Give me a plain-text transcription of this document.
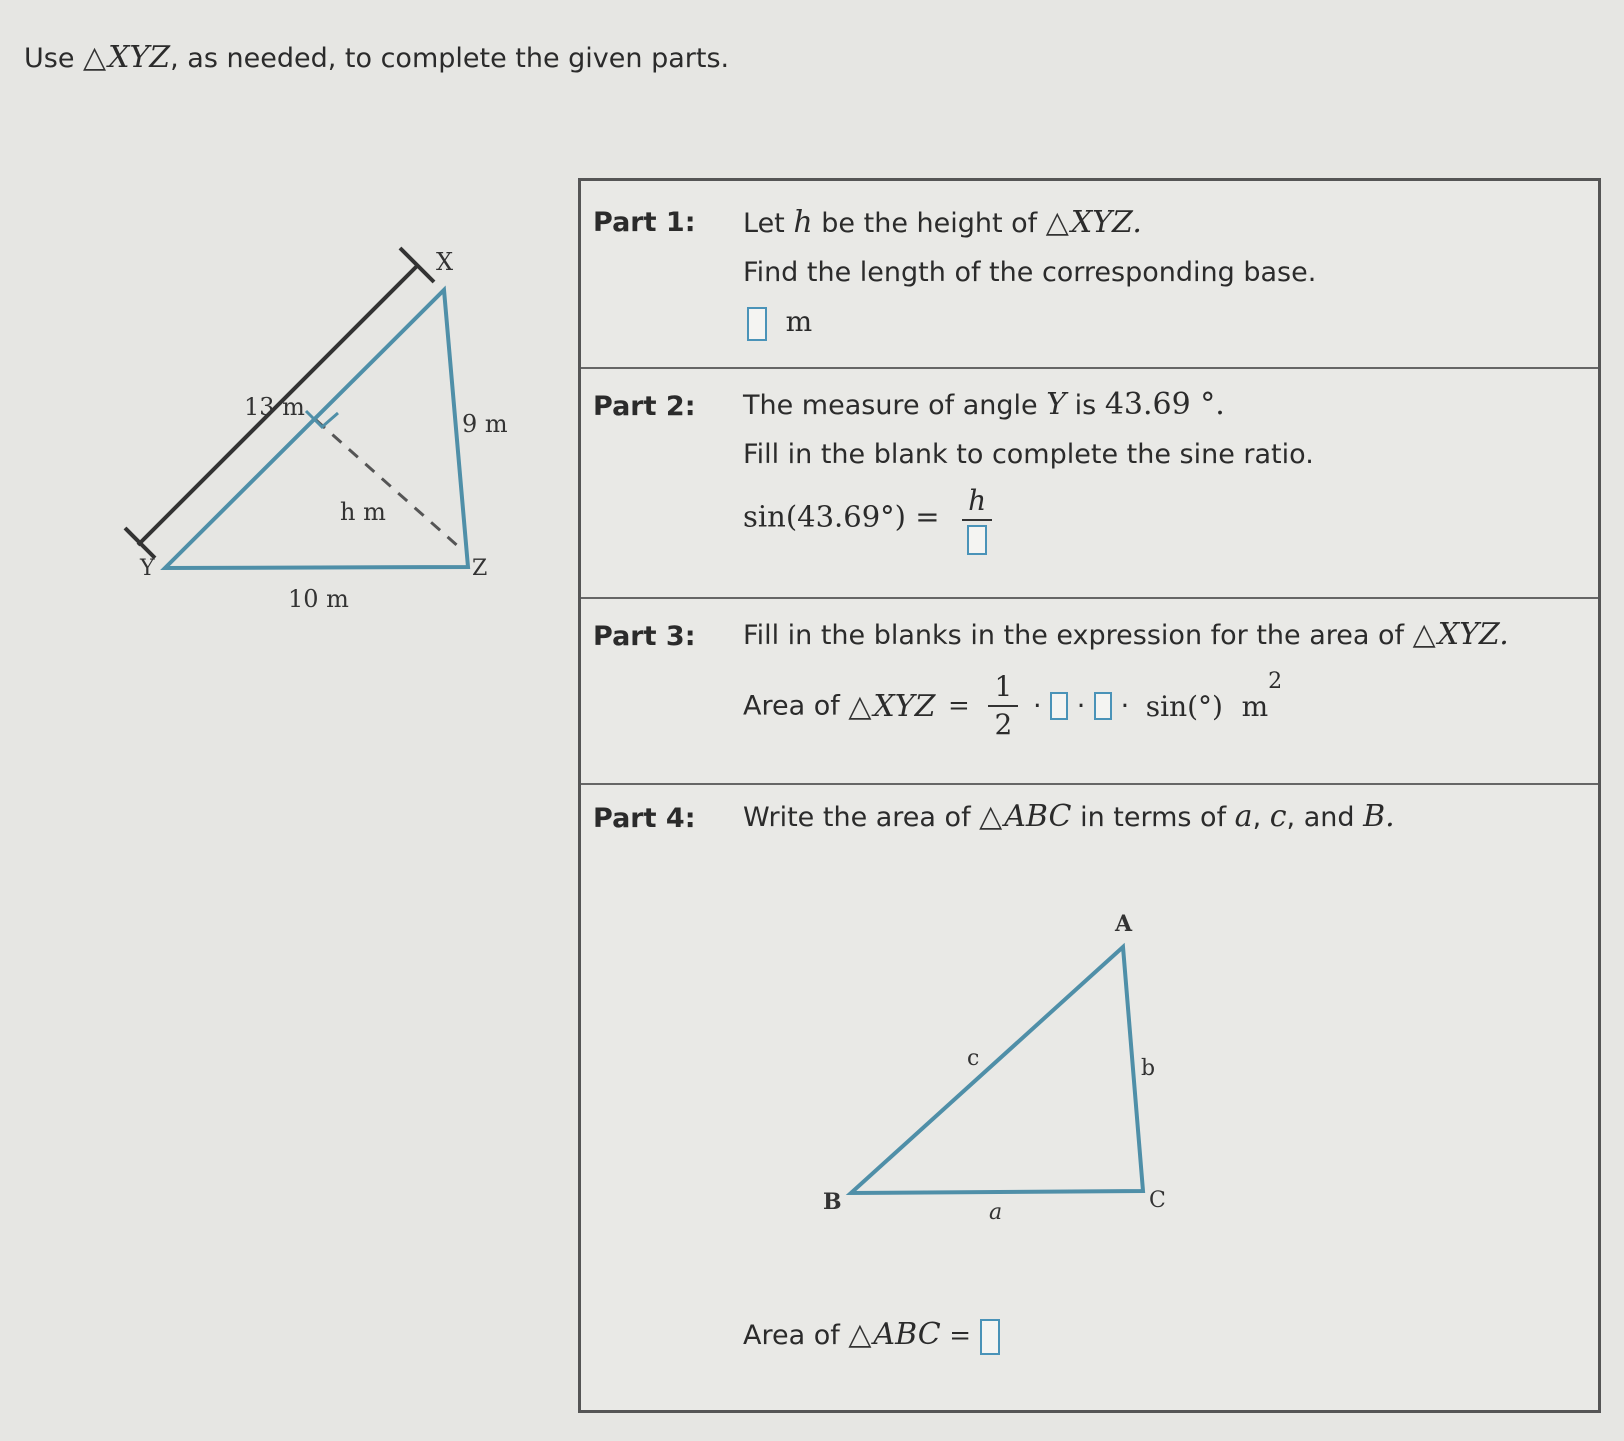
Use △XYZ, as needed, to complete the given parts.
X
Y	Z
13 m
9 m
10 m
h m
Part 1: Let h be the height of △XYZ.
Find the length of the corresponding base.
m
Part 2: The measure of angle Y is 43.69 °.
Fill in the blank to complete the sine ratio.
sin(43.69°) = h
Part 3: Fill in the blanks in the expression for the area of △XYZ.
Area of △XYZ = $\frac{1}{2}$ · · · sin(°) $m^2$
Part 4: Write the area of △ABC in terms of a, c, and B.
A
B	C
c	b
a
Area of △ABC =
